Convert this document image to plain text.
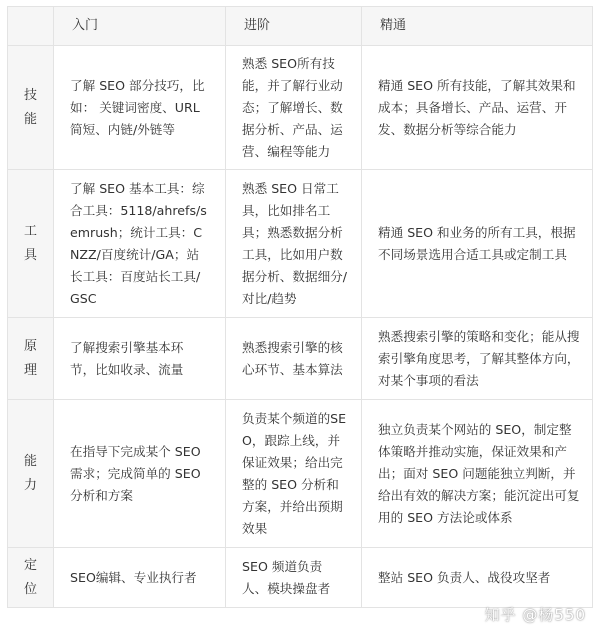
	入门	进阶	精通
技能	了解 SEO 部分技巧，比如： 关键词密度、URL 简短、内链/外链等	熟悉 SEO所有技能，并了解行业动态；了解增长、数据分析、产品、运营、编程等能力	精通 SEO 所有技能，了解其效果和成本；具备增长、产品、运营、开发、数据分析等综合能力

工具	了解 SEO 基本工具：综合工具：5118/ahrefs/semrush；统计工具：CNZZ/百度统计/GA；站长工具：百度站长工具/ GSC	熟悉 SEO 日常工具，比如排名工具；熟悉数据分析工具，比如用户数据分析、数据细分/对比/趋势	精通 SEO 和业务的所有工具，根据不同场景选用合适工具或定制工具

原理	了解搜索引擎基本环节，比如收录、流量	熟悉搜索引擎的核心环节、基本算法	熟悉搜索引擎的策略和变化；能从搜索引擎角度思考，了解其整体方向，对某个事项的看法

能力	在指导下完成某个 SEO 需求；完成简单的 SEO 分析和方案	负责某个频道的SEO，跟踪上线，并保证效果；给出完整的 SEO 分析和方案，并给出预期效果	独立负责某个网站的 SEO，制定整体策略并推动实施，保证效果和产出；面对 SEO 问题能独立判断，并给出有效的解决方案；能沉淀出可复用的 SEO 方法论或体系

定位	SEO编辑、专业执行者	SEO 频道负责人、模块操盘者	整站 SEO 负责人、战役攻坚者
知乎 @杨550
